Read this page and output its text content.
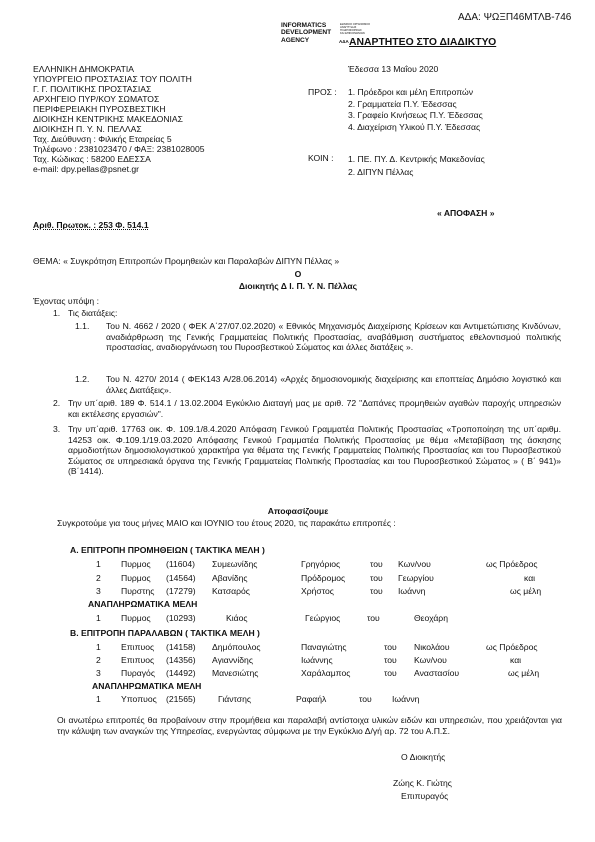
ΑΔΑ: ΨΩΞΠ46ΜΤΛΒ-746
INFORMATICS
DEVELOPMENT
AGENCY
ΕΘΝΙΚΟΣ ΟΡΓΑΝΙΣΜΟΣ
ΑΝΑΠΤΥΞΗΣ
ΠΛΗΡΟΦΟΡΙΚΗΣ
ΚΑΙ ΕΠΙΚΟΙΝΩΝΙΩΝ
ΑΔΑ ΑΝΑΡΤΗΤΕΟ ΣΤΟ ΔΙΑΔΙΚΤΥΟ
ΕΛΛΗΝΙΚΗ ΔΗΜΟΚΡΑΤΙΑ
ΥΠΟΥΡΓΕΙΟ ΠΡΟΣΤΑΣΙΑΣ ΤΟΥ ΠΟΛΙΤΗ
Γ. Γ. ΠΟΛΙΤΙΚΗΣ ΠΡΟΣΤΑΣΙΑΣ
ΑΡΧΗΓΕΙΟ ΠΥΡ/ΚΟΥ ΣΩΜΑΤΟΣ
ΠΕΡΙΦΕΡΕΙΑΚΗ ΠΥΡΟΣΒΕΣΤΙΚΗ
ΔΙΟΙΚΗΣΗ ΚΕΝΤΡΙΚΗΣ ΜΑΚΕΔΟΝΙΑΣ
ΔΙΟΙΚΗΣΗ Π. Υ. Ν. ΠΕΛΛΑΣ
Ταχ. Διεύθυνση : Φιλικής Εταιρείας 5
Τηλέφωνο : 2381023470 / ΦΑΞ: 2381028005
Ταχ. Κώδικας : 58200 ΕΔΕΣΣΑ
e-mail: dpy.pellas@psnet.gr
Έδεσσα 13 Μαΐου 2020
ΠΡΟΣ : 1. Πρόεδροι και μέλη Επιτροπών
2. Γραμματεία Π.Υ. Έδεσσας
3. Γραφείο Κινήσεως Π.Υ. Έδεσσας
4. Διαχείριση Υλικού Π.Υ. Έδεσσας
ΚΟΙΝ : 1. ΠΕ. ΠΥ. Δ. Κεντρικής Μακεδονίας
2. ΔΙΠΥΝ Πέλλας
« ΑΠΟΦΑΣΗ »
Αριθ. Πρωτοκ. : 253 Φ. 514.1
ΘΕΜΑ: « Συγκρότηση Επιτροπών Προμηθειών και Παραλαβών ΔΙΠΥΝ Πέλλας »
Ο
Διοικητής Δ Ι. Π. Υ. Ν. Πέλλας
Έχοντας υπόψη :
1. Τις διατάξεις:
1.1. Του Ν. 4662 / 2020 ( ΦΕΚ Α΄27/07.02.2020) « Εθνικός Μηχανισμός Διαχείρισης Κρίσεων και Αντιμετώπισης Κινδύνων, αναδιάρθρωση της Γενικής Γραμματείας Πολιτικής Προστασίας, αναβάθμιση συστήματος εθελοντισμού πολιτικής προστασίας, αναδιοργάνωση του Πυροσβεστικού Σώματος και άλλες διατάξεις ».
1.2. Του Ν. 4270/ 2014 ( ΦΕΚ143 Α/28.06.2014) «Αρχές δημοσιονομικής διαχείρισης και εποπτείας Δημόσιο λογιστικό και άλλες Διατάξεις».
2. Την υπ΄αριθ. 189 Φ. 514.1 / 13.02.2004 Εγκύκλιο Διαταγή μας με αριθ. 72 "Δαπάνες προμηθειών αγαθών παροχής υπηρεσιών και εκτέλεσης εργασιών".
3. Την υπ΄αριθ. 17763 οικ. Φ. 109.1/8.4.2020 Απόφαση Γενικού Γραμματέα Πολιτικής Προστασίας «Τροποποίηση της υπ΄αριθμ. 14253 οικ. Φ.109.1/19.03.2020 Απόφασης Γενικού Γραμματέα Πολιτικής Προστασίας με θέμα «Μεταβίβαση της άσκησης αρμοδιοτήτων δημοσιολογιστικού χαρακτήρα για θέματα της Γενικής Γραμματείας Πολιτικής Προστασίας και του Πυροσβεστικού Σώματος σε υπηρεσιακά όργανα της Γενικής Γραμματείας Πολιτικής Προστασίας και του Πυροσβεστικού Σώματος » ( Β΄ 941)» (Β΄1414).
Αποφασίζουμε
Συγκροτούμε για τους μήνες ΜΑΙΟ και ΙΟΥΝΙΟ του έτους 2020, τις παρακάτω επιτροπές :
Α. ΕΠΙΤΡΟΠΗ ΠΡΟΜΗΘΕΙΩΝ ( ΤΑΚΤΙΚΑ ΜΕΛΗ )
1 Πυρμος (11604) Συμεωνίδης	Γρηγόριος	του Κων/νου	ως Πρόεδρος
2 Πυρμος (14564) Αβανίδης	Πρόδρομος	του Γεωργίου	και
3 Πυρστης (17279) Κατσαρός	Χρήστος	του Ιωάννη	ως μέλη
ΑΝΑΠΛΗΡΩΜΑΤΙΚΑ ΜΕΛΗ
1 Πυρμος (10293)	Κιάος	Γεώργιος	του	Θεοχάρη
Β. ΕΠΙΤΡΟΠΗ ΠΑΡΑΛΑΒΩΝ ( ΤΑΚΤΙΚΑ ΜΕΛΗ )
1 Επιπυος (14158) Δημόπουλος	Παναγιώτης	του Νικολάου	ως Πρόεδρος
2 Επιπυος (14356) Αγιαννίδης	Ιωάννης	του Κων/νου	και
3 Πυραγός (14492) Μανεσιώτης	Χαράλαμπος	του Αναστασίου	ως μέλη
ΑΝΑΠΛΗΡΩΜΑΤΙΚΑ ΜΕΛΗ
1 Υποπυος (21565)	Γιάντσης	Ραφαήλ	του Ιωάννη
Οι ανωτέρω επιτροπές θα προβαίνουν στην προμήθεια και παραλαβή αντίστοιχα υλικών ειδών και υπηρεσιών, που χρειάζονται για την κάλυψη των αναγκών της Υπηρεσίας, ενεργώντας σύμφωνα με την Εγκύκλιο Δ/γή αρ. 72 του Α.Π.Σ.
Ο Διοικητής
Ζώης Κ. Γιώτης
Επιπυραγός
